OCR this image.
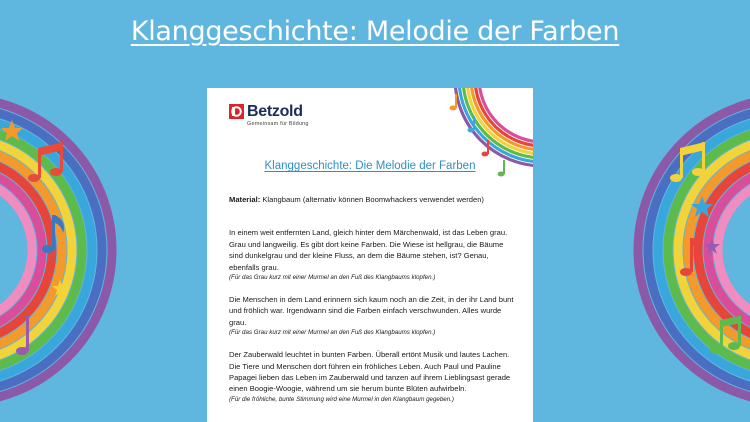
Klanggeschichte: Melodie der Farben
Betzold
Gemeinsam für Bildung
Klanggeschichte: Die Melodie der Farben

Material: Klangbaum (alternativ können Boomwhackers verwendet werden)

In einem weit entfernten Land, gleich hinter dem Märchenwald, ist das Leben grau. Grau und langweilig. Es gibt dort keine Farben. Die Wiese ist hellgrau, die Bäume sind dunkelgrau und der kleine Fluss, an dem die Bäume stehen, ist? Genau, ebenfalls grau.

(Für das Grau kurz mit einer Murmel an den Fuß des Klangbaums klopfen.)

Die Menschen in dem Land erinnern sich kaum noch an die Zeit, in der ihr Land bunt und fröhlich war. Irgendwann sind die Farben einfach verschwunden. Alles wurde grau.

(Für das Grau kurz mit einer Murmel an den Fuß des Klangbaums klopfen.)

Der Zauberwald leuchtet in bunten Farben. Überall ertönt Musik und lautes Lachen. Die Tiere und Menschen dort führen ein fröhliches Leben. Auch Paul und Pauline Papagei lieben das Leben im Zauberwald und tanzen auf ihrem Lieblingsast gerade einen Boogie-Woogie, während um sie herum bunte Blüten aufwirbeln.

(Für die fröhliche, bunte Stimmung wird eine Murmel in den Klangbaum gegeben.)
